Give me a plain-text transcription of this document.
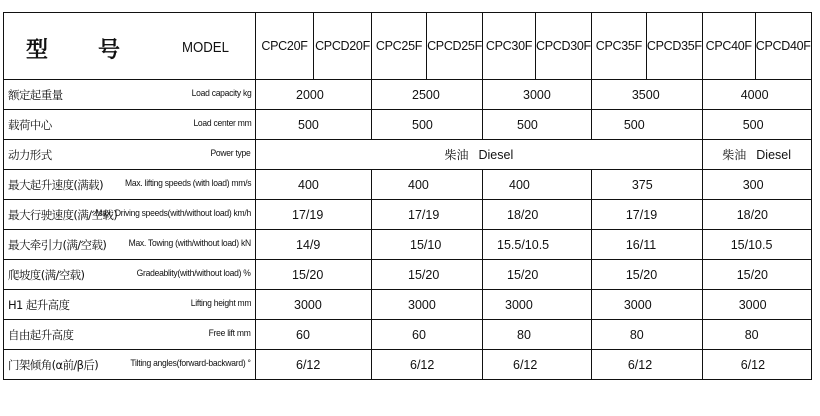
型 号 MODEL	CPC20F	CPCD20F	CPC25F	CPCD25F	CPC30F	CPCD30F	CPC35F	CPCD35F	CPC40F	CPCD40F

额定起重量 Load capacity kg	2000		2500		3000		3500		4000	

载荷中心 Load center mm	500		500		500		500		500	

动力形式 Power type	柴油 Diesel								柴油 Diesel	

最大起升速度(满载) Max. lifting speeds (with load) mm/s	400		400		400		375		300	

最大行驶速度(满/空载)
Max. Driving speeds(with/without load) km/h	17/19		17/19		18/20		17/19		18/20	

最大牵引力(满/空载) Max. Towing (with/without load) kN	14/9		15/10		15.5/10.5		16/11		15/10.5	

爬坡度(满/空载) Gradeablity(with/without load) %	15/20		15/20		15/20		15/20		15/20	

H1 起升高度 Lifting height mm	3000		3000		3000		3000		3000	

自由起升高度 Free lift mm	60		60		80		80		80	

门架倾角(α前/β后) Tilting angles(forward-backward) °	6/12		6/12		6/12		6/12		6/12	
